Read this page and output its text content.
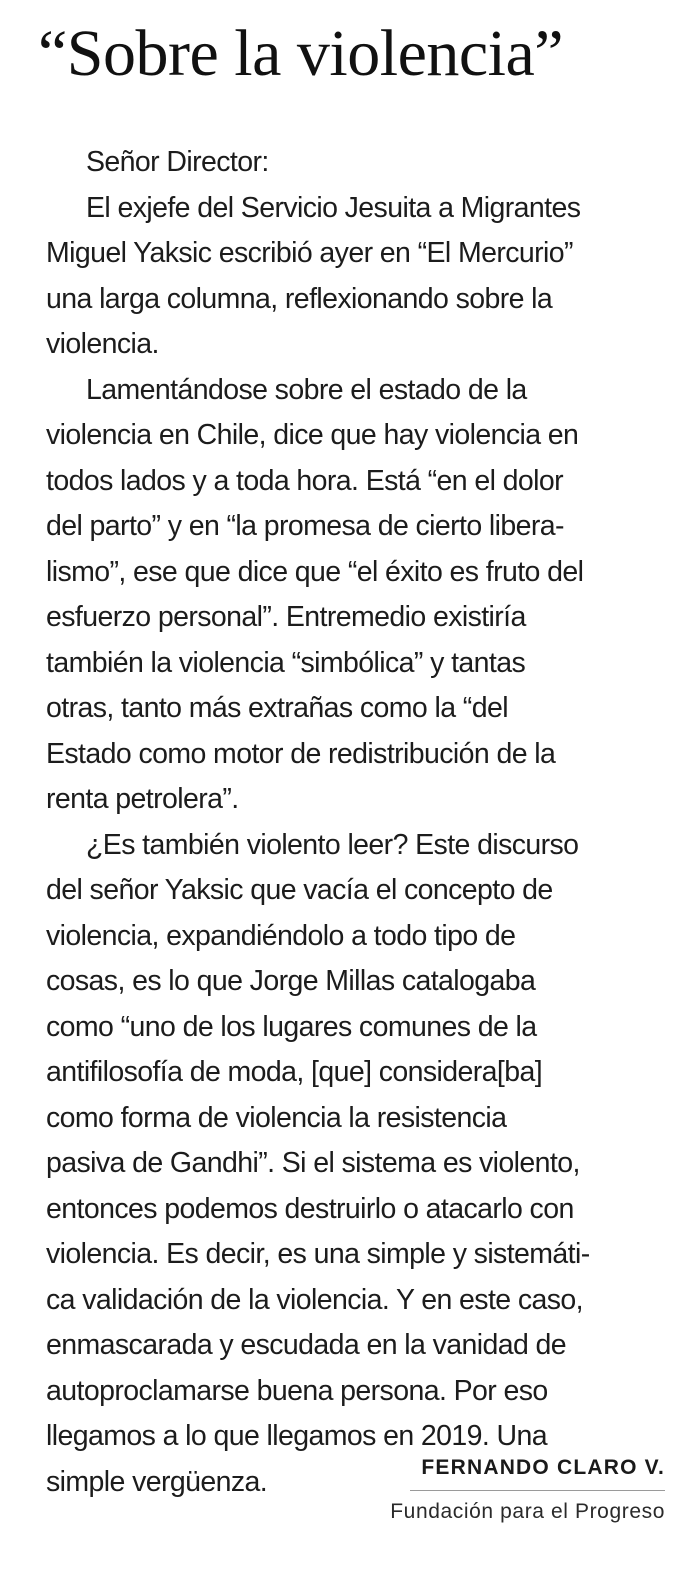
“Sobre la violencia”
Señor Director:
El exjefe del Servicio Jesuita a Migrantes
Miguel Yaksic escribió ayer en “El Mercurio”
una larga columna, reflexionando sobre la
violencia.
Lamentándose sobre el estado de la
violencia en Chile, dice que hay violencia en
todos lados y a toda hora. Está “en el dolor
del parto” y en “la promesa de cierto libera-
lismo”, ese que dice que “el éxito es fruto del
esfuerzo personal”. Entremedio existiría
también la violencia “simbólica” y tantas
otras, tanto más extrañas como la “del
Estado como motor de redistribución de la
renta petrolera”.
¿Es también violento leer? Este discurso
del señor Yaksic que vacía el concepto de
violencia, expandiéndolo a todo tipo de
cosas, es lo que Jorge Millas catalogaba
como “uno de los lugares comunes de la
antifilosofía de moda, [que] considera[ba]
como forma de violencia la resistencia
pasiva de Gandhi”. Si el sistema es violento,
entonces podemos destruirlo o atacarlo con
violencia. Es decir, es una simple y sistemáti-
ca validación de la violencia. Y en este caso,
enmascarada y escudada en la vanidad de
autoproclamarse buena persona. Por eso
llegamos a lo que llegamos en 2019. Una
simple vergüenza.	FERNANDO CLARO V.
Fundación para el Progreso
